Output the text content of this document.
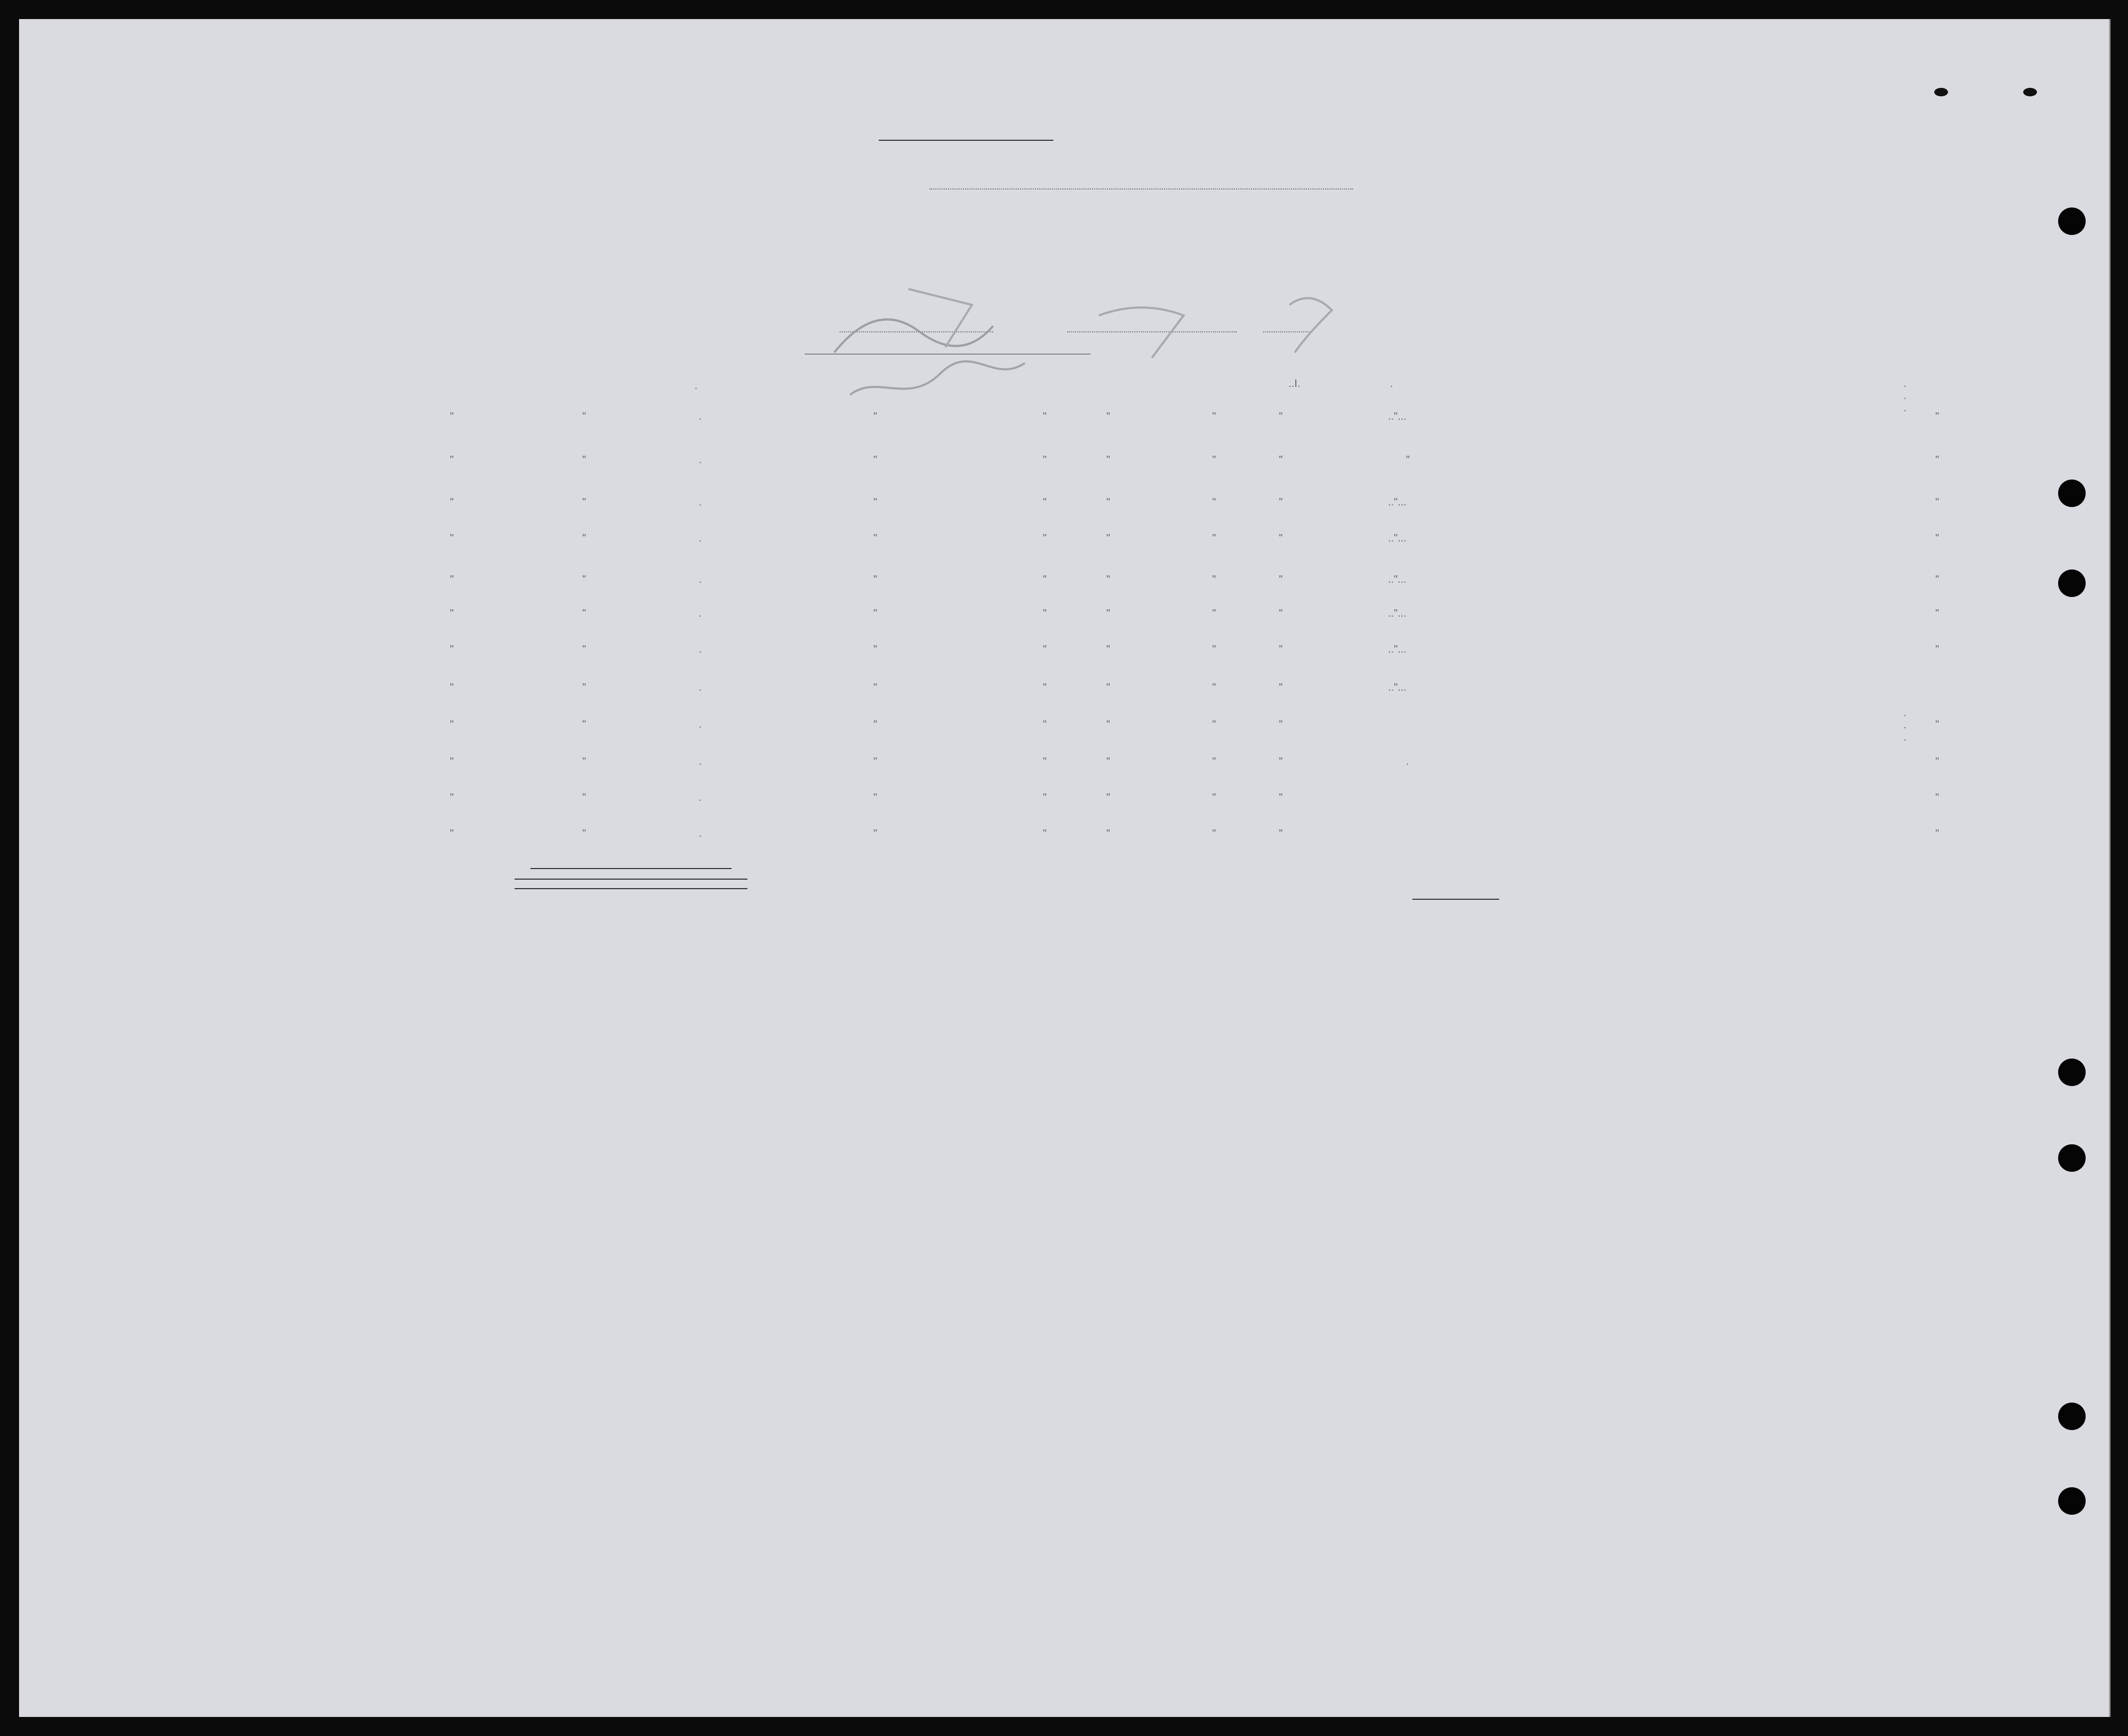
.	..I.	.	. . .
"	"	.	"	"	"	"	"	.."...	"
"	"	.	"	"	"	"	"	"	"
"	"	.	"	"	"	"	"	.."...	"
"	"	.	"	"	"	"	"	.."...	"
"	"	.	"	"	"	"	"	.."...	"
"	"	.	"	"	"	"	"	.."...	"
"	"	.	"	"	"	"	"	.."...	"
"	"	.	"	"	"	"	"	.."...
. . .
"	"	.	"	"	"	"	"	"
"	"	.	"	"	"	"	"	.	"
"	"	.	"	"	"	"	"	"
"	"	.	"	"	"	"	"	"
